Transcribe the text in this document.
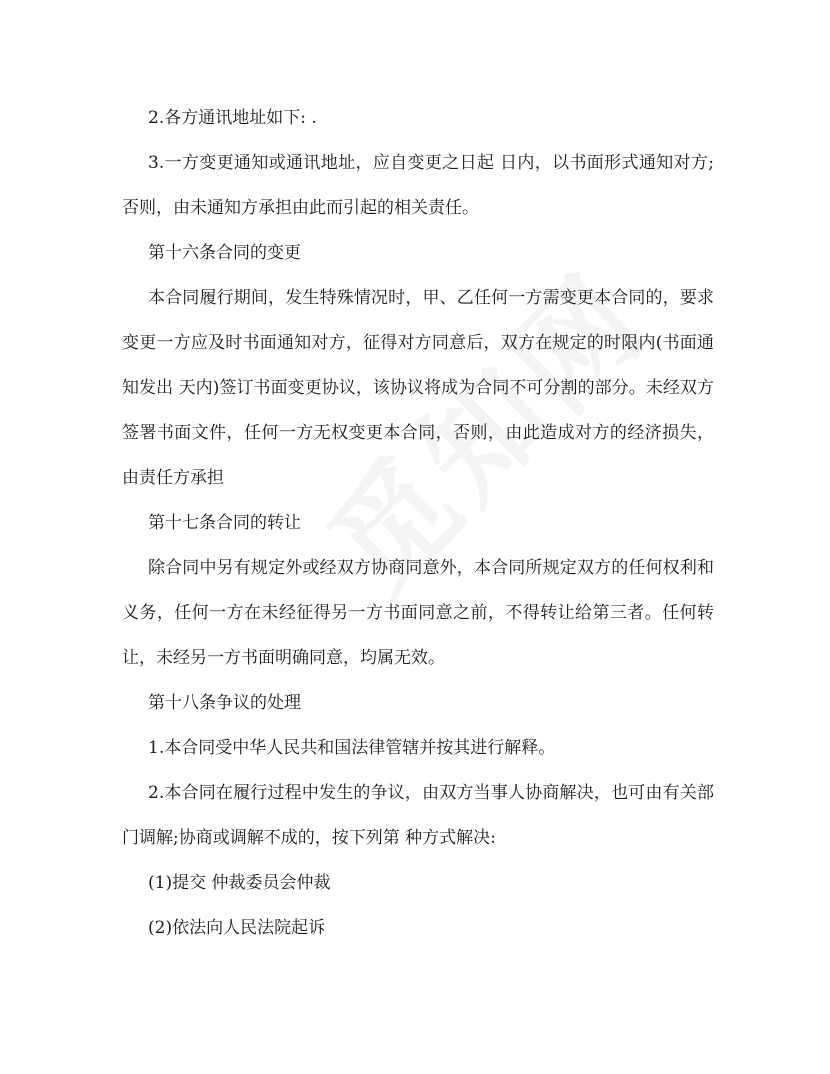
2.各方通讯地址如下: .

3.一方变更通知或通讯地址，应自变更之日起 日内，以书面形式通知对方;否则，由未通知方承担由此而引起的相关责任。

第十六条合同的变更

本合同履行期间，发生特殊情况时，甲、乙任何一方需变更本合同的，要求变更一方应及时书面通知对方，征得对方同意后，双方在规定的时限内(书面通知发出 天内)签订书面变更协议，该协议将成为合同不可分割的部分。未经双方签署书面文件，任何一方无权变更本合同，否则，由此造成对方的经济损失，由责任方承担

第十七条合同的转让

除合同中另有规定外或经双方协商同意外，本合同所规定双方的任何权利和义务，任何一方在未经征得另一方书面同意之前，不得转让给第三者。任何转让，未经另一方书面明确同意，均属无效。

第十八条争议的处理

1.本合同受中华人民共和国法律管辖并按其进行解释。

2.本合同在履行过程中发生的争议，由双方当事人协商解决，也可由有关部门调解;协商或调解不成的，按下列第 种方式解决:

(1)提交 仲裁委员会仲裁

(2)依法向人民法院起诉
